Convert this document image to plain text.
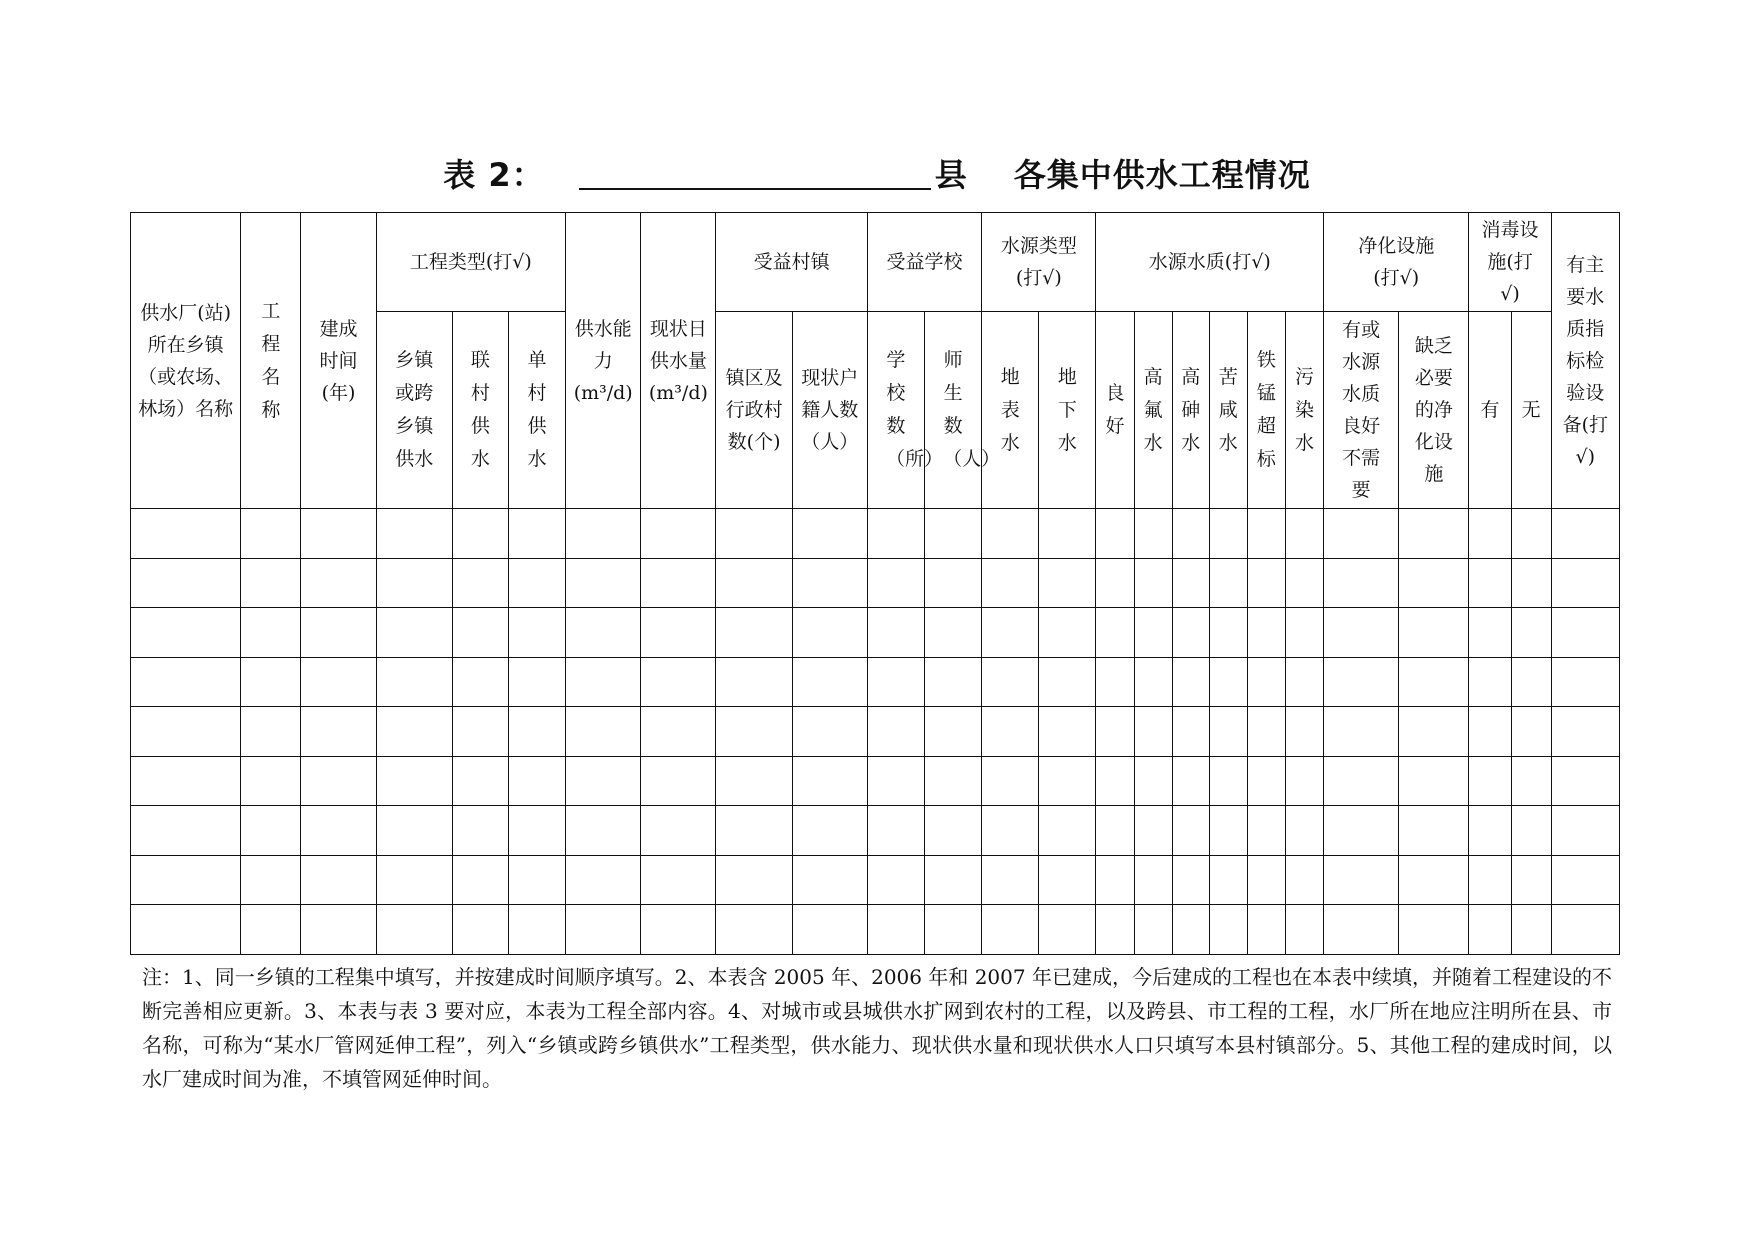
表 2：	县 各集中供水工程情况
供水厂(站)所在乡镇（或农场、林场）名称	工程名称	建成时间(年)	工程类型(打√)			供水能力(m³/d)	现状日供水量(m³/d)	受益村镇		受益学校		水源类型(打√)		水源水质(打√)						净化设施(打√)		消毒设施(打√)		有主要水质指标检验设备(打√)
			乡镇或跨乡镇供水	联村供水	单村供水			镇区及行政村数(个)	现状户籍人数（人）	学校数（所）	师生数（人）	地表水	地下水	良好	高氟水	高砷水	苦咸水	铁锰超标	污染水	有或水源水质良好不需要	缺乏必要的净化设施	有	无	

注：1、同一乡镇的工程集中填写，并按建成时间顺序填写。2、本表含 2005 年、2006 年和 2007 年已建成，今后建成的工程也在本表中续填，并随着工程建设的不断完善相应更新。3、本表与表 3 要对应，本表为工程全部内容。4、对城市或县城供水扩网到农村的工程，以及跨县、市工程的工程，水厂所在地应注明所在县、市名称，可称为“某水厂管网延伸工程”，列入“乡镇或跨乡镇供水”工程类型，供水能力、现状供水量和现状供水人口只填写本县村镇部分。5、其他工程的建成时间，以水厂建成时间为准，不填管网延伸时间。
